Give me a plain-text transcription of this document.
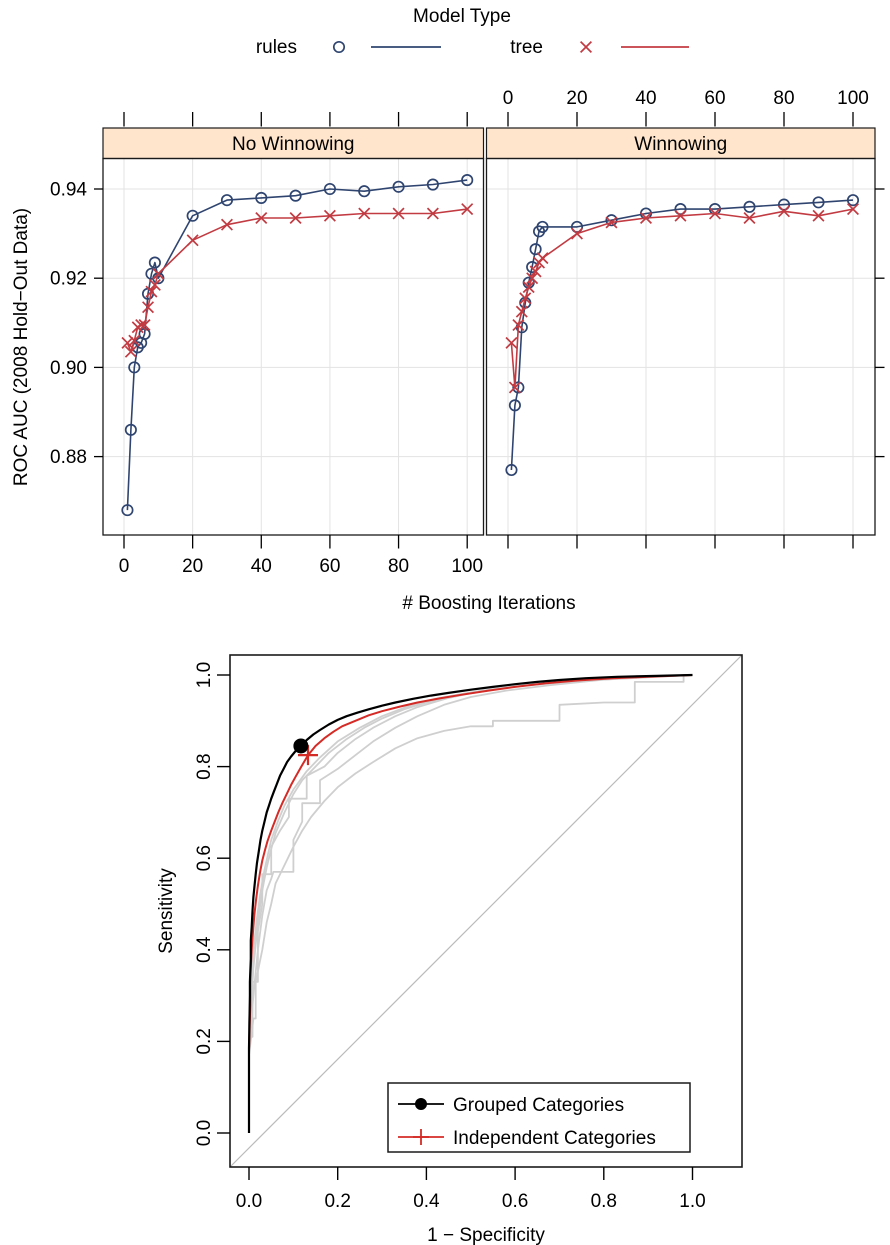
Model Type
rules	tree
No Winnowing
0	20 40 60 80 100
0.88
0.90
0.92
0.94
Winnowing
0	20	40	60	80 100
ROC AUC (2008 Hold−Out Data)
# Boosting Iterations
0.0	0.2	0.4	0.6	0.8	1.0
0.0
0.2
0.4
0.6
0.8
1.0
Sensitivity
1 − Specificity
Grouped Categories
Independent Categories
